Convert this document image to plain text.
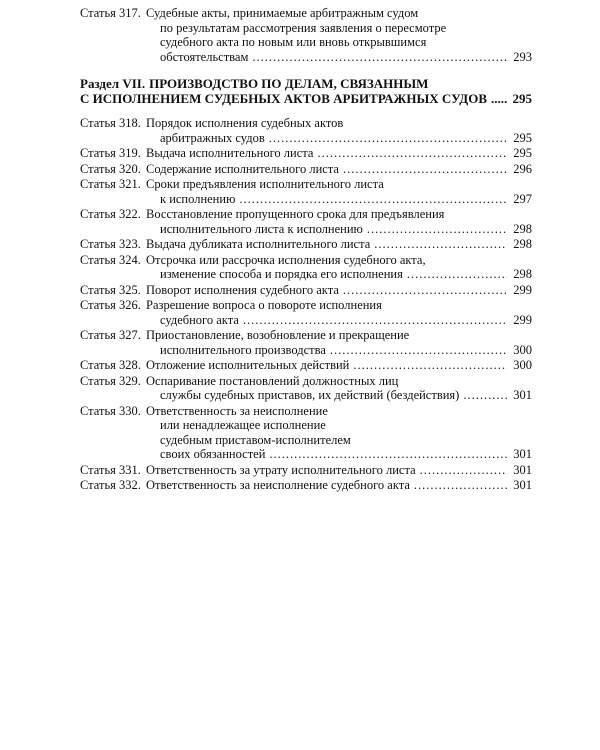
Статья 317. Судебные акты, принимаемые арбитражным судом
по результатам рассмотрения заявления о пересмотре
судебного акта по новым или вновь открывшимся
обстоятельствам .....	293
Раздел VII. ПРОИЗВОДСТВО ПО ДЕЛАМ, СВЯЗАННЫМ
С ИСПОЛНЕНИЕМ СУДЕБНЫХ АКТОВ АРБИТРАЖНЫХ СУДОВ ..... 295
Статья 318. Порядок исполнения судебных актов
арбитражных судов .....	295
Статья 319. Выдача исполнительного листа .....	295
Статья 320. Содержание исполнительного листа .....	296
Статья 321. Сроки предъявления исполнительного листа
к исполнению .....	297
Статья 322. Восстановление пропущенного срока для предъявления
исполнительного листа к исполнению .....	298
Статья 323. Выдача дубликата исполнительного листа .....	298
Статья 324. Отсрочка или рассрочка исполнения судебного акта,
изменение способа и порядка его исполнения .....	298
Статья 325. Поворот исполнения судебного акта .....	299
Статья 326. Разрешение вопроса о повороте исполнения
судебного акта .....	299
Статья 327. Приостановление, возобновление и прекращение
исполнительного производства .....	300
Статья 328. Отложение исполнительных действий .....	300
Статья 329. Оспаривание постановлений должностных лиц
службы судебных приставов, их действий (бездействия) .....	301
Статья 330. Ответственность за неисполнение
или ненадлежащее исполнение
судебным приставом-исполнителем
своих обязанностей .....	301
Статья 331. Ответственность за утрату исполнительного листа .....	301
Статья 332. Ответственность за неисполнение судебного акта .....	301
